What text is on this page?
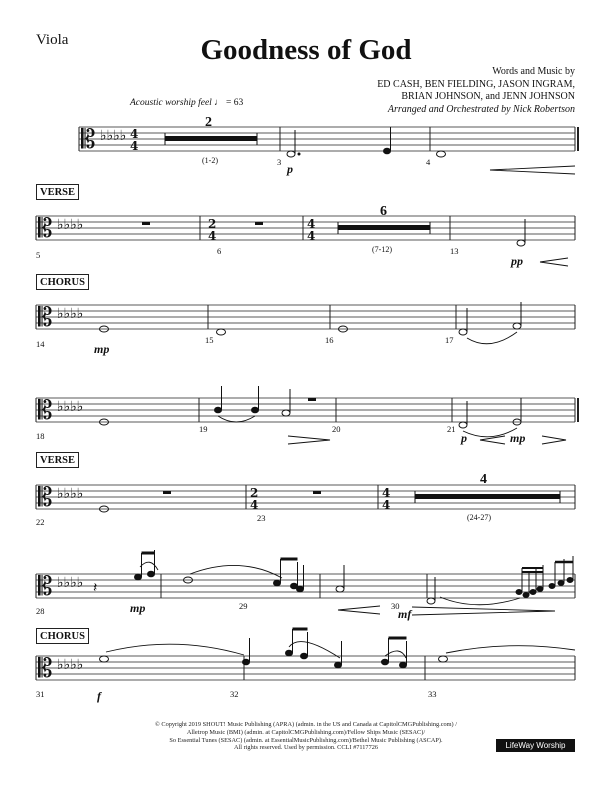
Viola	Goodness of God
Words and Music by
ED CASH, BEN FIELDING, JASON INGRAM,
BRIAN JOHNSON, and JENN JOHNSON
Arranged and Orchestrated by Nick Robertson
Acoustic worship feel ♩ = 63
𝄡
𝄡
𝄡
𝄡
𝄡
𝄡
𝄡
♭♭♭♭
♭♭♭♭
♭♭♭♭
♭♭♭♭
♭♭♭♭
♭♭♭♭
♭♭♭♭
4
4
2
4
4
4
2
4
4
4
𝄽
2
(1-2)
6
(7-12)
4
(24-27)
VERSE
CHORUS
VERSE
CHORUS
3	4
5	6	13
14	15	16	17
18
19	20	21
22	23
28	29	30
31	32	33
p
pp
mp
p	mp
mp	mf
f
© Copyright 2019 SHOUT! Music Publishing (APRA) (admin. in the US and Canada at CapitolCMGPublishing.com) /
Alletrop Music (BMI) (admin. at CapitolCMGPublishing.com)/Fellow Ships Music (SESAC)/
So Essential Tunes (SESAC) (admin. at EssentialMusicPublishing.com)/Bethel Music Publishing (ASCAP).
All rights reserved. Used by permission. CCLI #7117726	LifeWay Worship
